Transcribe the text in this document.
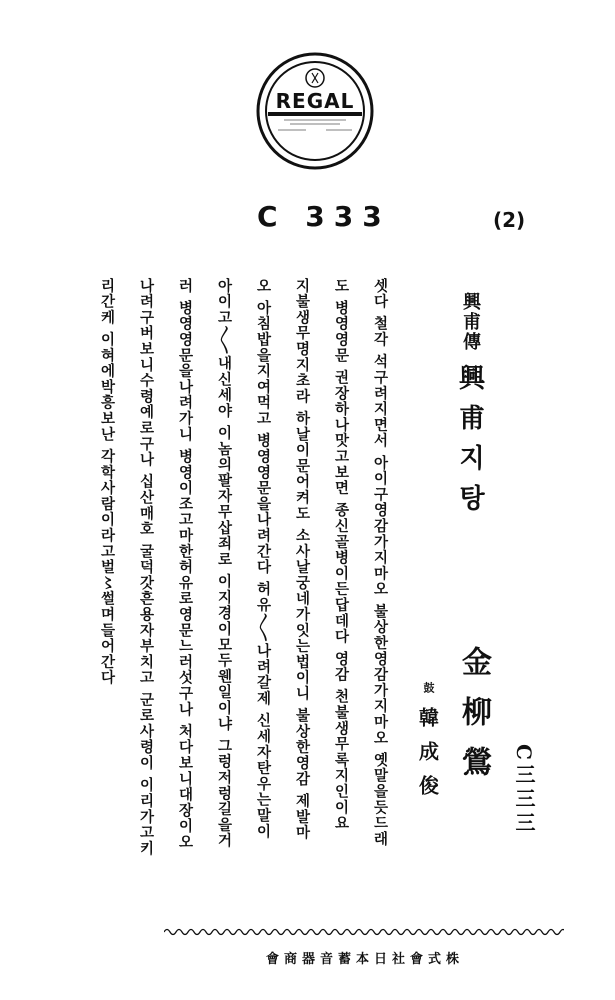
REGAL
C 333	(2)
興甫傳
興甫지탕
金柳鶯
鼓
韓成俊	C三三三
셋다 철각 석구려지면서 아이구영감가지마오 불상한영감가지마오 옛말을듯드래
도 병영영문 권장하나맛고보면 종신골병이든답데다 영감 천불생무록지인이요
지불생무명지초라 하날이문어켜도 소사날궁네가잇는법이니 불상한영감 제발마
오 아침밥을지여먹고 병영영문을나려간다 허유〳〵나려갈제 신세자탄우는말이
아이고〳〵내신세야 이놈의팔자무삽죄로 이지경이모두웬일이냐 그렁저렁길을거
러 병영영문을나려가니 병영이조고마한허유로영문느러섯구나 처다보니대장이오
나려구버보니수령예로구나 십산매호 굴덕갓흔용자부치고 군로사령이 이리가고키
리간케 이혀에박흥보난 각학사람이라고벌〻썰며들어간다
株式會社日本蓄音器商會
